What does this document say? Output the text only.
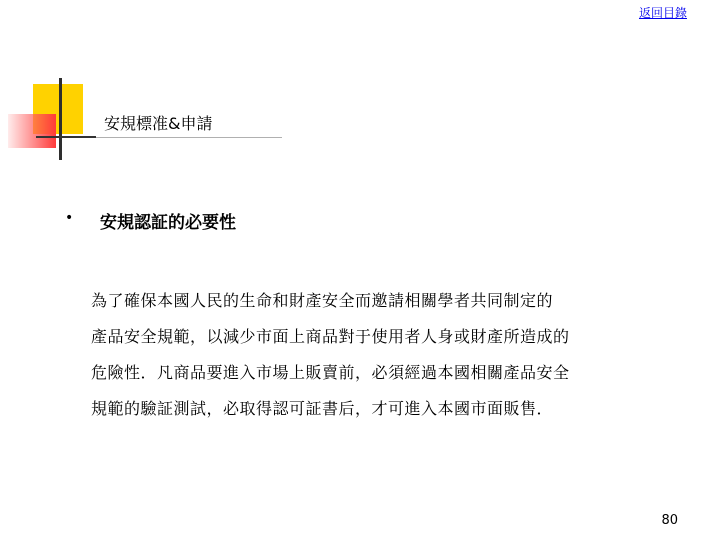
返回目錄
安規標准&申請
• 安規認証的必要性
為了確保本國人民的生命和財產安全而邀請相關學者共同制定的
產品安全規範，以減少市面上商品對于使用者人身或財產所造成的
危險性．凡商品要進入市場上販賣前，必須經過本國相關產品安全
規範的驗証測試，必取得認可証書后，才可進入本國市面販售．
80
